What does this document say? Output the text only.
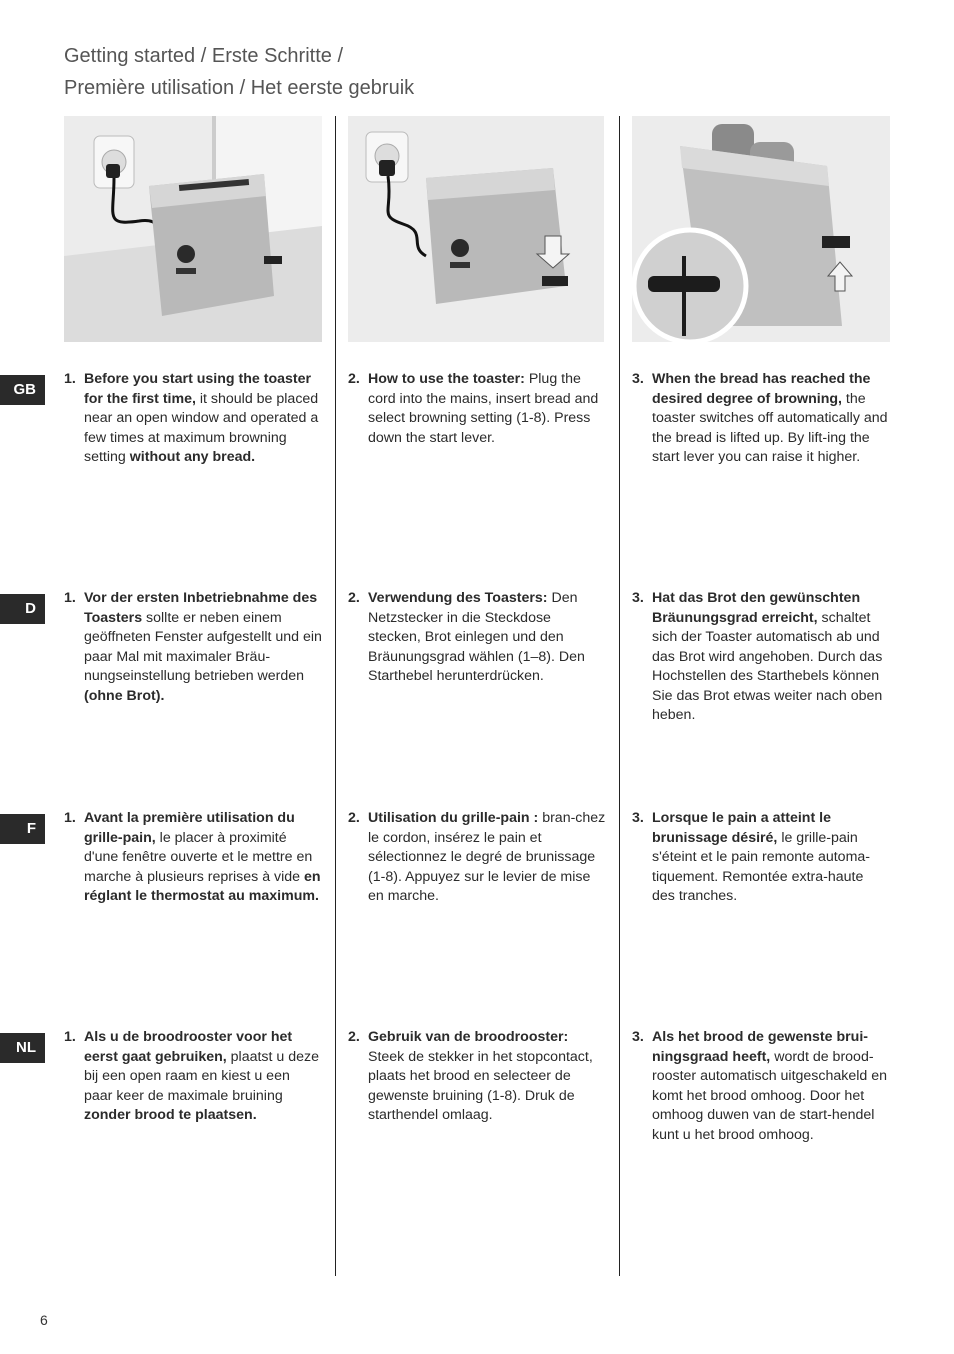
Getting started / Erste Schritte /
Première utilisation / Het eerste gebruik
GB
1. Before you start using the toaster for the first time, it should be placed near an open window and operated a few times at maximum browning setting without any bread.
2. How to use the toaster: Plug the cord into the mains, insert bread and select browning setting (1-8). Press down the start lever.
3. When the bread has reached the desired degree of browning, the toaster switches off automatically and the bread is lifted up. By lift-ing the start lever you can raise it higher.
D
1. Vor der ersten Inbetriebnahme des Toasters sollte er neben einem geöffneten Fenster aufgestellt und ein paar Mal mit maximaler Bräu-nungseinstellung betrieben werden (ohne Brot).
2. Verwendung des Toasters: Den Netzstecker in die Steckdose stecken, Brot einlegen und den Bräunungsgrad wählen (1–8). Den Starthebel herunterdrücken.
3. Hat das Brot den gewünschten Bräunungsgrad erreicht, schaltet sich der Toaster automatisch ab und das Brot wird angehoben. Durch das Hochstellen des Starthebels können Sie das Brot etwas weiter nach oben heben.
F
1. Avant la première utilisation du grille-pain, le placer à proximité d'une fenêtre ouverte et le mettre en marche à plusieurs reprises à vide en réglant le thermostat au maximum.
2. Utilisation du grille-pain : bran-chez le cordon, insérez le pain et sélectionnez le degré de brunissage (1-8). Appuyez sur le levier de mise en marche.
3. Lorsque le pain a atteint le brunissage désiré, le grille-pain s'éteint et le pain remonte automa-tiquement. Remontée extra-haute des tranches.
NL
1. Als u de broodrooster voor het eerst gaat gebruiken, plaatst u deze bij een open raam en kiest u een paar keer de maximale bruining zonder brood te plaatsen.
2. Gebruik van de broodrooster: Steek de stekker in het stopcontact, plaats het brood en selecteer de gewenste bruining (1-8). Druk de starthendel omlaag.
3. Als het brood de gewenste brui-ningsgraad heeft, wordt de brood-rooster automatisch uitgeschakeld en komt het brood omhoog. Door het omhoog duwen van de start-hendel kunt u het brood omhoog.
6
